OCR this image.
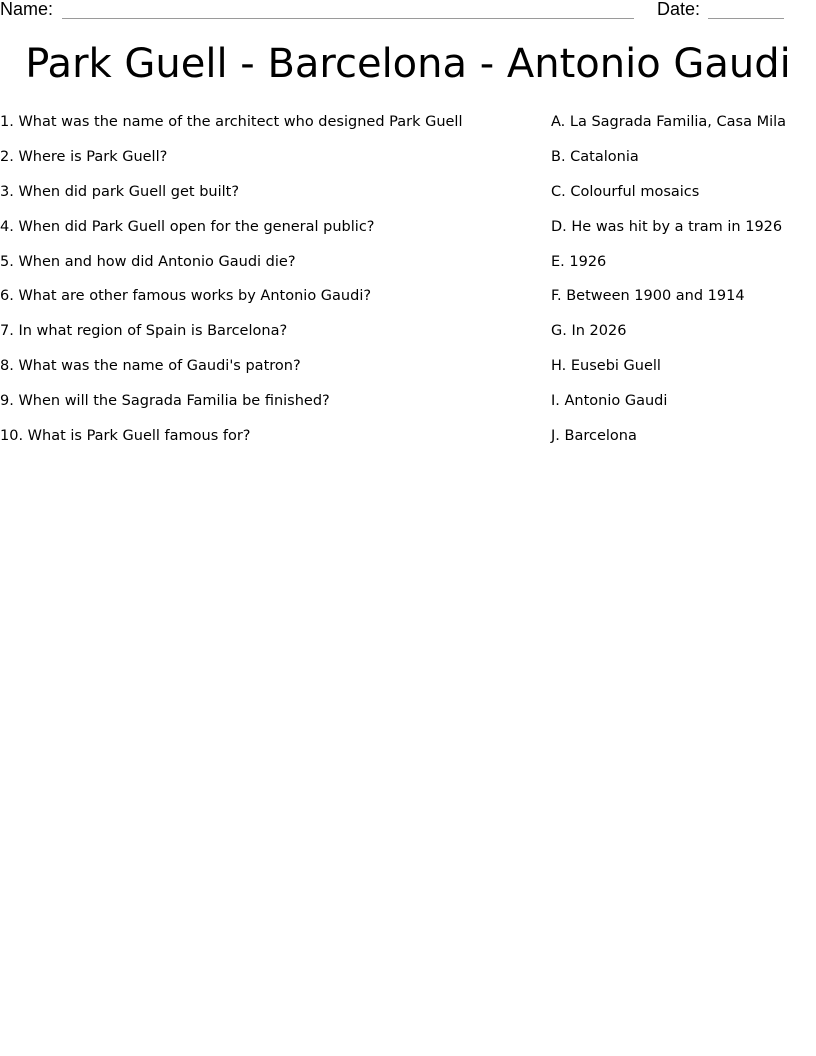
Name:	Date:
Park Guell - Barcelona - Antonio Gaudi
1. What was the name of the architect who designed Park Guell
2. Where is Park Guell?
3. When did park Guell get built?
4. When did Park Guell open for the general public?
5. When and how did Antonio Gaudi die?
6. What are other famous works by Antonio Gaudi?
7. In what region of Spain is Barcelona?
8. What was the name of Gaudi's patron?
9. When will the Sagrada Familia be finished?
10. What is Park Guell famous for?
A. La Sagrada Familia, Casa Mila
B. Catalonia
C. Colourful mosaics
D. He was hit by a tram in 1926
E. 1926
F. Between 1900 and 1914
G. In 2026
H. Eusebi Guell
I. Antonio Gaudi
J. Barcelona
